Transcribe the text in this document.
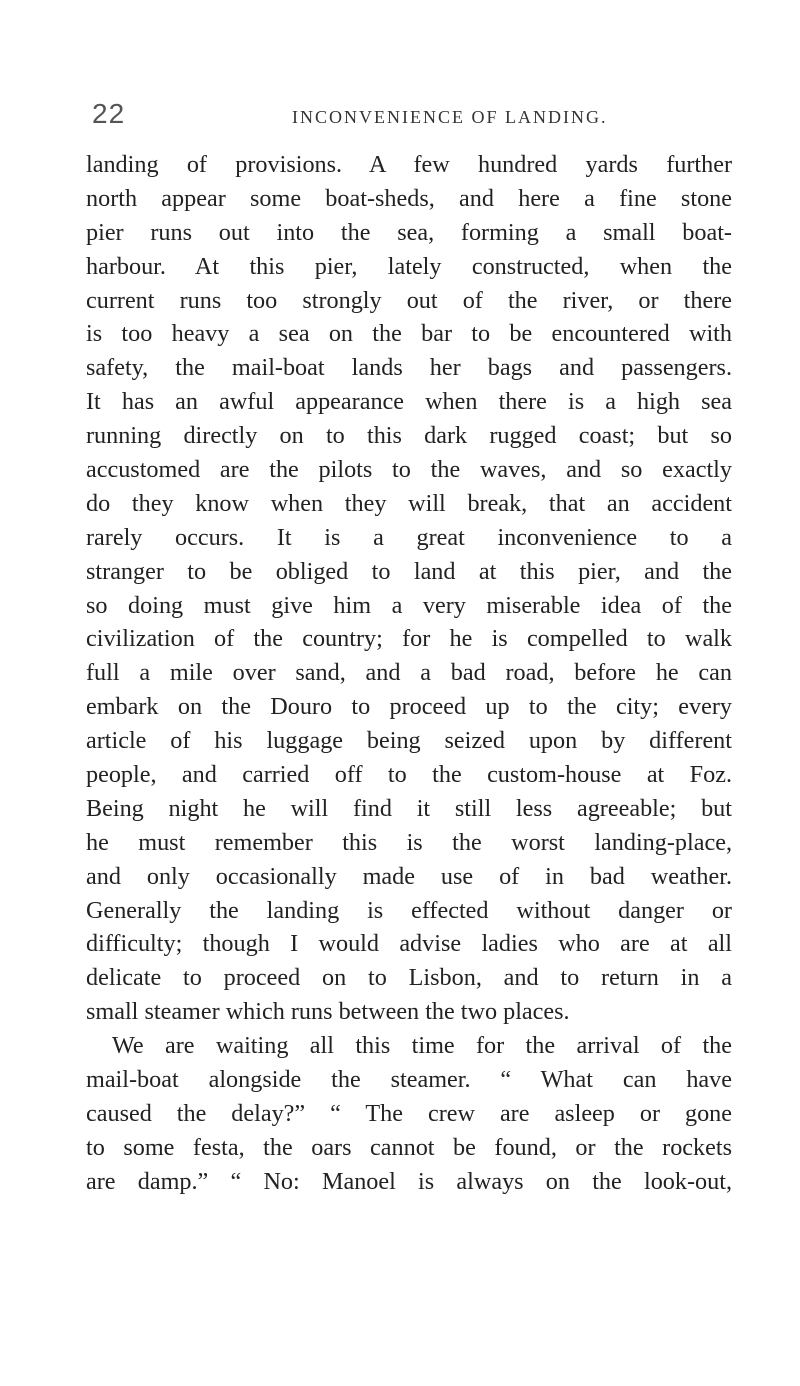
22	INCONVENIENCE OF LANDING.
landing of provisions. A few hundred yards further
north appear some boat-sheds, and here a fine stone
pier runs out into the sea, forming a small boat-
harbour. At this pier, lately constructed, when the
current runs too strongly out of the river, or there
is too heavy a sea on the bar to be encountered with
safety, the mail-boat lands her bags and passengers.
It has an awful appearance when there is a high sea
running directly on to this dark rugged coast; but so
accustomed are the pilots to the waves, and so exactly
do they know when they will break, that an accident
rarely occurs. It is a great inconvenience to a
stranger to be obliged to land at this pier, and the
so doing must give him a very miserable idea of the
civilization of the country; for he is compelled to walk
full a mile over sand, and a bad road, before he can
embark on the Douro to proceed up to the city; every
article of his luggage being seized upon by different
people, and carried off to the custom-house at Foz.
Being night he will find it still less agreeable; but
he must remember this is the worst landing-place,
and only occasionally made use of in bad weather.
Generally the landing is effected without danger or
difficulty; though I would advise ladies who are at all
delicate to proceed on to Lisbon, and to return in a
small steamer which runs between the two places.
We are waiting all this time for the arrival of the
mail-boat alongside the steamer. “ What can have
caused the delay?” “ The crew are asleep or gone
to some festa, the oars cannot be found, or the rockets
are damp.” “ No: Manoel is always on the look-out,
